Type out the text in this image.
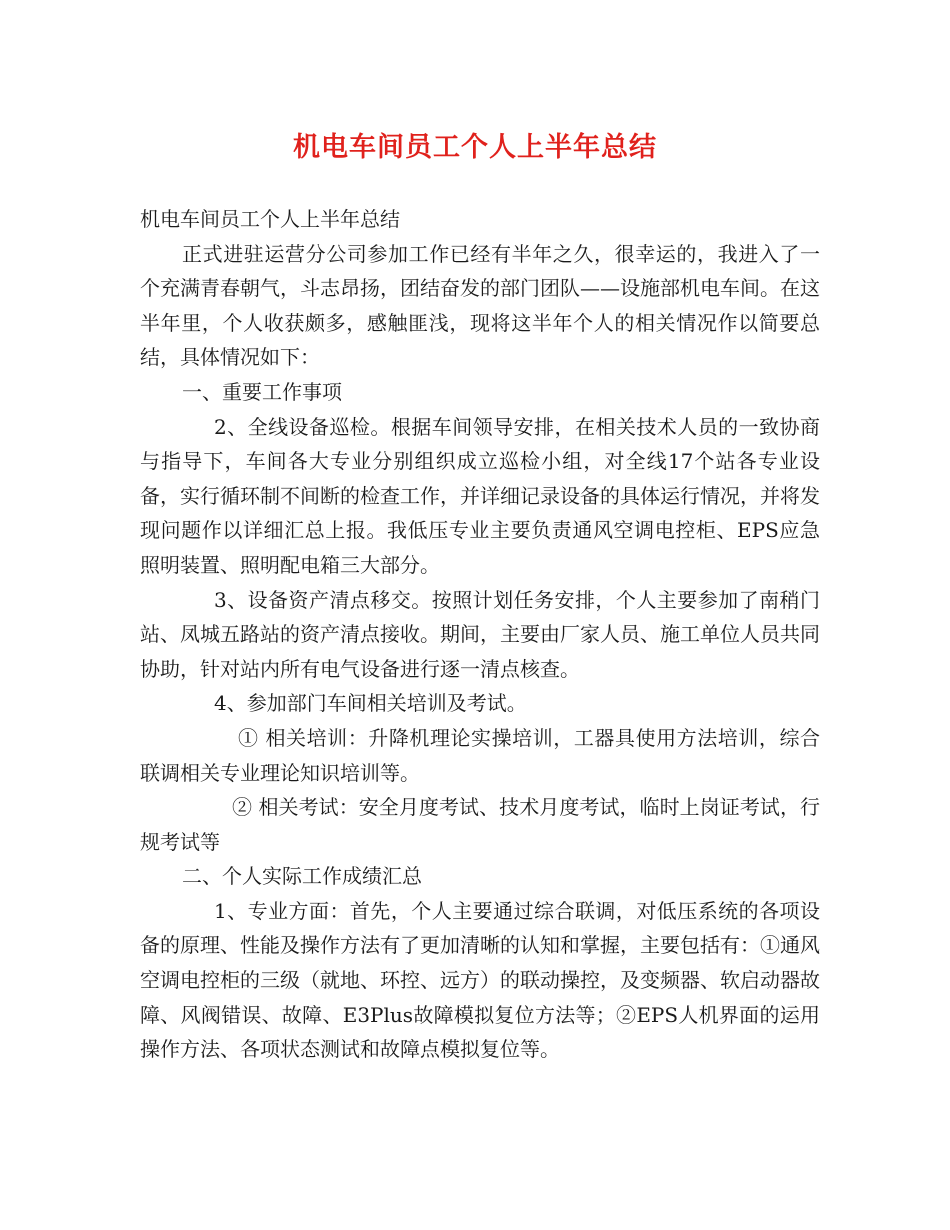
机电车间员工个人上半年总结

机电车间员工个人上半年总结

正式进驻运营分公司参加工作已经有半年之久，很幸运的，我进入了一个充满青春朝气，斗志昂扬，团结奋发的部门团队——设施部机电车间。在这半年里，个人收获颇多，感触匪浅，现将这半年个人的相关情况作以简要总结，具体情况如下：

一、重要工作事项

2、全线设备巡检。根据车间领导安排，在相关技术人员的一致协商与指导下，车间各大专业分别组织成立巡检小组，对全线17个站各专业设备，实行循环制不间断的检查工作，并详细记录设备的具体运行情况，并将发现问题作以详细汇总上报。我低压专业主要负责通风空调电控柜、EPS应急照明装置、照明配电箱三大部分。

3、设备资产清点移交。按照计划任务安排，个人主要参加了南稍门站、凤城五路站的资产清点接收。期间，主要由厂家人员、施工单位人员共同协助，针对站内所有电气设备进行逐一清点核查。

4、参加部门车间相关培训及考试。

① 相关培训：升降机理论实操培训，工器具使用方法培训，综合联调相关专业理论知识培训等。

② 相关考试：安全月度考试、技术月度考试，临时上岗证考试，行规考试等

二、个人实际工作成绩汇总

1、专业方面：首先，个人主要通过综合联调，对低压系统的各项设备的原理、性能及操作方法有了更加清晰的认知和掌握，主要包括有：①通风空调电控柜的三级（就地、环控、远方）的联动操控，及变频器、软启动器故障、风阀错误、故障、E3Plus故障模拟复位方法等；②EPS人机界面的运用操作方法、各项状态测试和故障点模拟复位等。
